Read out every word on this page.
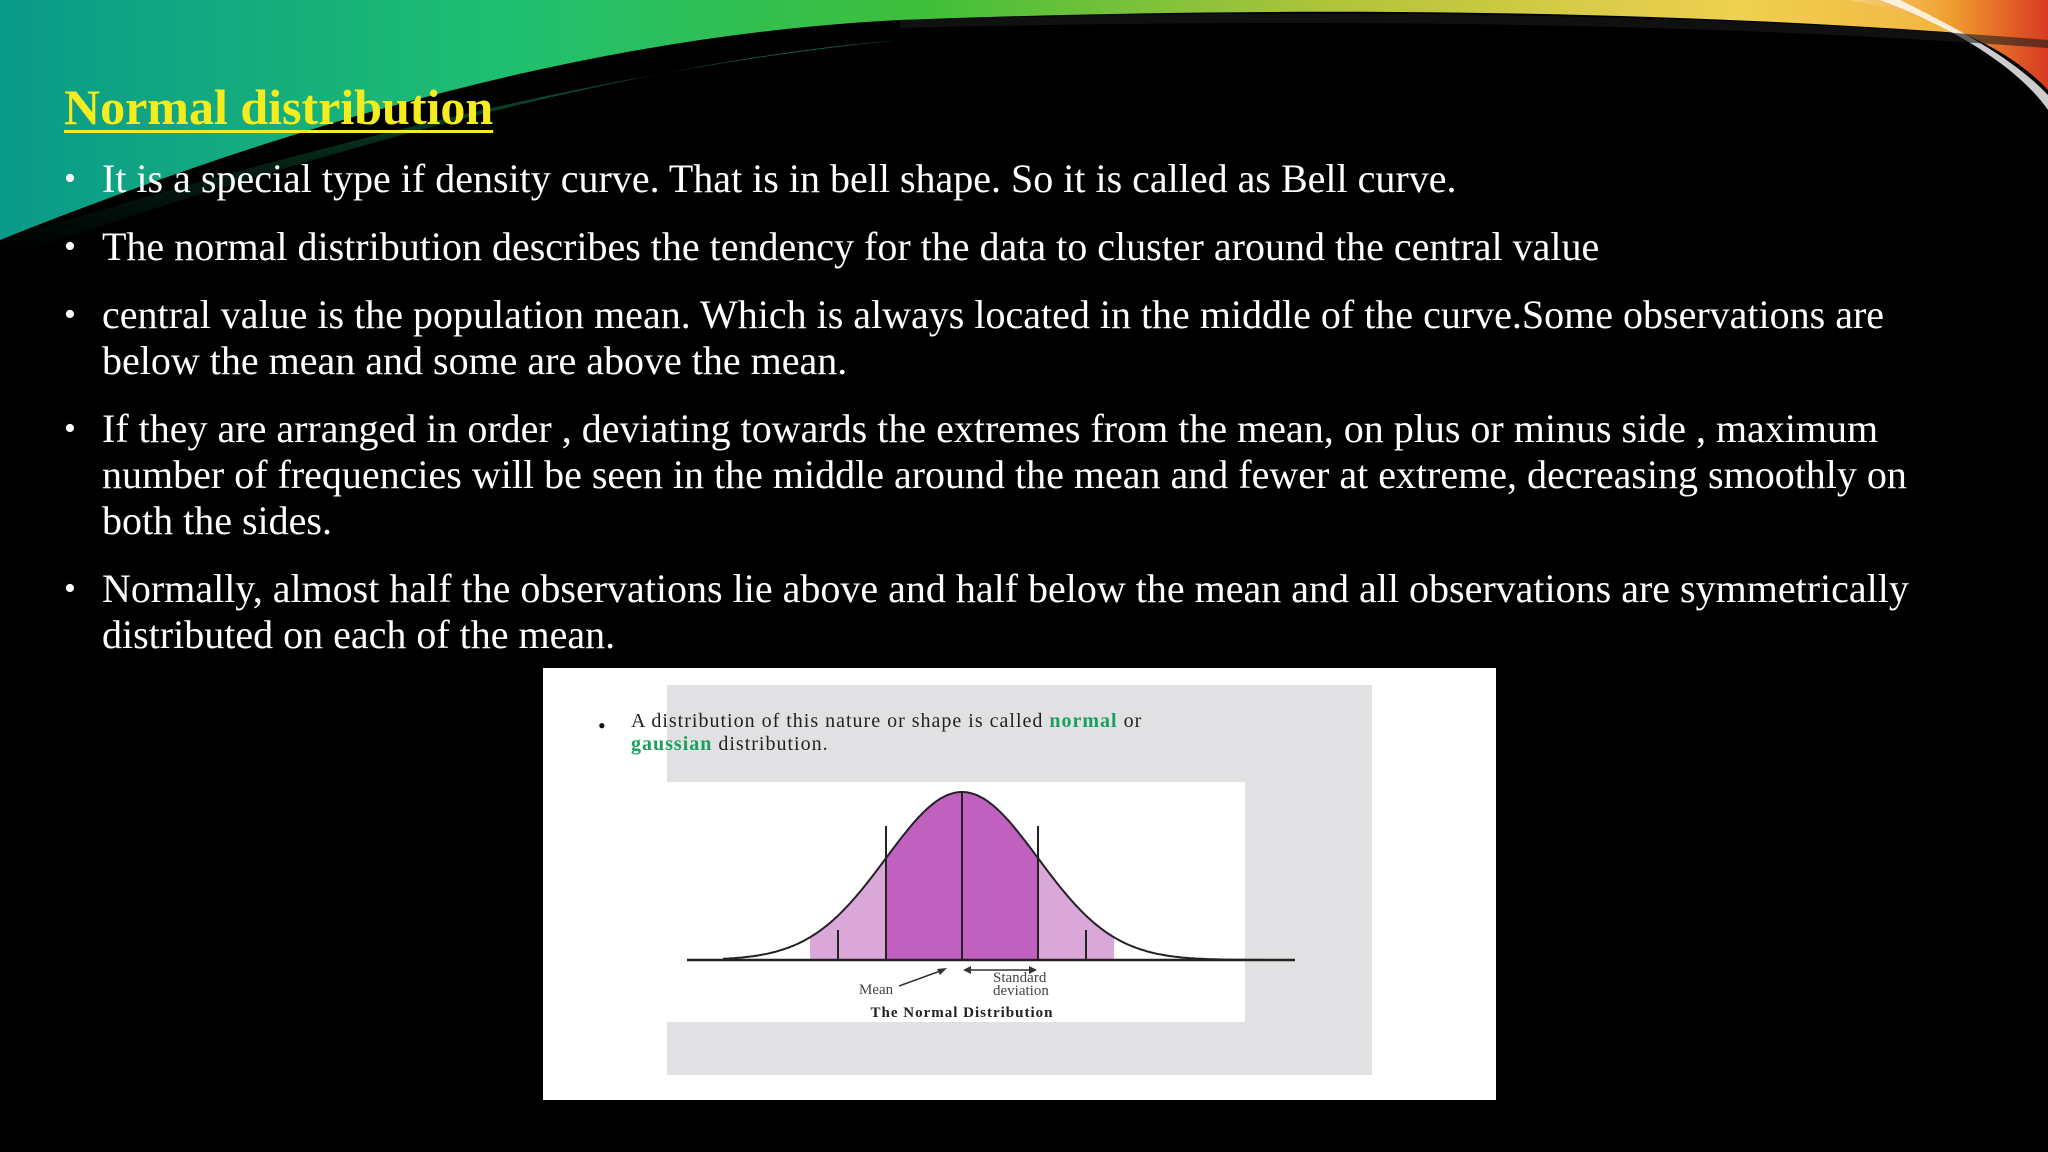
Normal distribution
• It is a special type if density curve. That is in bell shape. So it is called as Bell curve.
• The normal distribution describes the tendency for the data to cluster around the central value
• central value is the population mean. Which is always located in the middle of the curve.Some observations are below the mean and some are above the mean.
• If they are arranged in order , deviating towards the extremes from the mean, on plus or minus side , maximum number of frequencies will be seen in the middle around the mean and fewer at extreme, decreasing smoothly on both the sides.
• Normally, almost half the observations lie above and half below the mean and all observations are symmetrically distributed on each of the mean.
• A distribution of this nature or shape is called normal or
gaussian distribution.
Mean
Standard
deviation
The Normal Distribution
